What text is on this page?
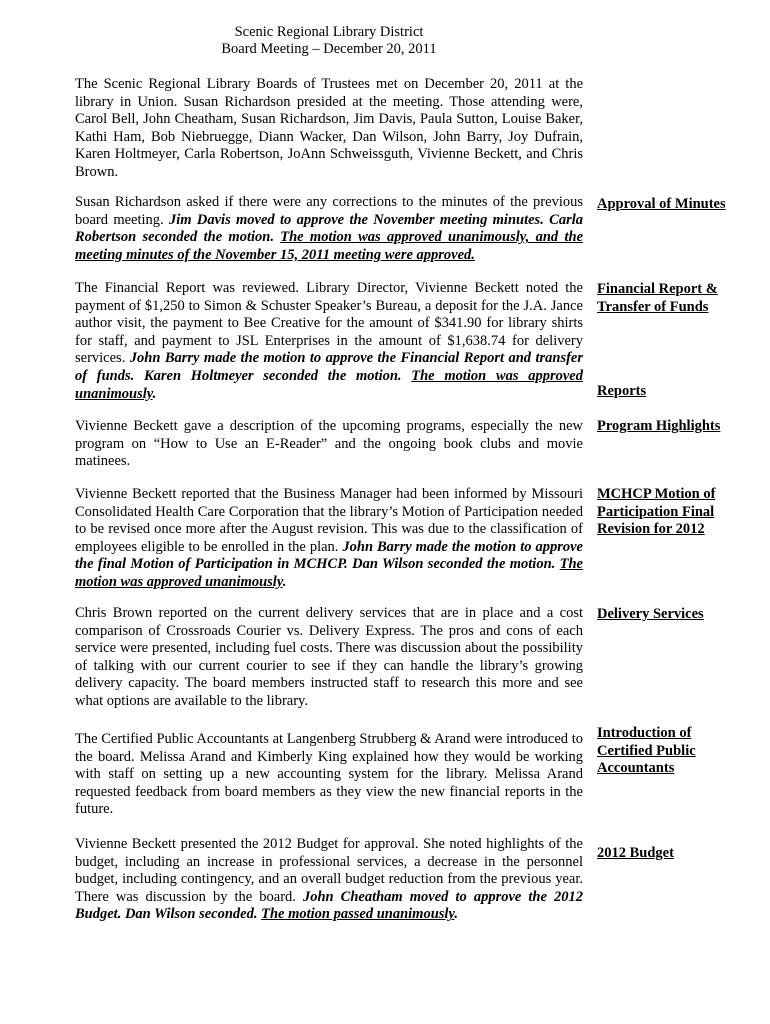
Scenic Regional Library District
Board Meeting – December 20, 2011

The Scenic Regional Library Boards of Trustees met on December 20, 2011 at the library in Union. Susan Richardson presided at the meeting. Those attending were, Carol Bell, John Cheatham, Susan Richardson, Jim Davis, Paula Sutton, Louise Baker, Kathi Ham, Bob Niebruegge, Diann Wacker, Dan Wilson, John Barry, Joy Dufrain, Karen Holtmeyer, Carla Robertson, JoAnn Schweissguth, Vivienne Beckett, and Chris Brown.

Susan Richardson asked if there were any corrections to the minutes of the previous board meeting. Jim Davis moved to approve the November meeting minutes. Carla Robertson seconded the motion. The motion was approved unanimously, and the meeting minutes of the November 15, 2011 meeting were approved.

Approval of Minutes

The Financial Report was reviewed. Library Director, Vivienne Beckett noted the payment of $1,250 to Simon & Schuster Speaker’s Bureau, a deposit for the J.A. Jance author visit, the payment to Bee Creative for the amount of $341.90 for library shirts for staff, and payment to JSL Enterprises in the amount of $1,638.74 for delivery services. John Barry made the motion to approve the Financial Report and transfer of funds. Karen Holtmeyer seconded the motion. The motion was approved unanimously.

Financial Report & Transfer of Funds

Reports

Vivienne Beckett gave a description of the upcoming programs, especially the new program on “How to Use an E-Reader” and the ongoing book clubs and movie matinees.

Program Highlights

Vivienne Beckett reported that the Business Manager had been informed by Missouri Consolidated Health Care Corporation that the library’s Motion of Participation needed to be revised once more after the August revision. This was due to the classification of employees eligible to be enrolled in the plan. John Barry made the motion to approve the final Motion of Participation in MCHCP. Dan Wilson seconded the motion. The motion was approved unanimously.

MCHCP Motion of Participation Final Revision for 2012

Chris Brown reported on the current delivery services that are in place and a cost comparison of Crossroads Courier vs. Delivery Express. The pros and cons of each service were presented, including fuel costs. There was discussion about the possibility of talking with our current courier to see if they can handle the library’s growing delivery capacity. The board members instructed staff to research this more and see what options are available to the library.

Delivery Services

The Certified Public Accountants at Langenberg Strubberg & Arand were introduced to the board. Melissa Arand and Kimberly King explained how they would be working with staff on setting up a new accounting system for the library. Melissa Arand requested feedback from board members as they view the new financial reports in the future.

Introduction of Certified Public Accountants

Vivienne Beckett presented the 2012 Budget for approval. She noted highlights of the budget, including an increase in professional services, a decrease in the personnel budget, including contingency, and an overall budget reduction from the previous year. There was discussion by the board. John Cheatham moved to approve the 2012 Budget. Dan Wilson seconded. The motion passed unanimously.

2012 Budget
